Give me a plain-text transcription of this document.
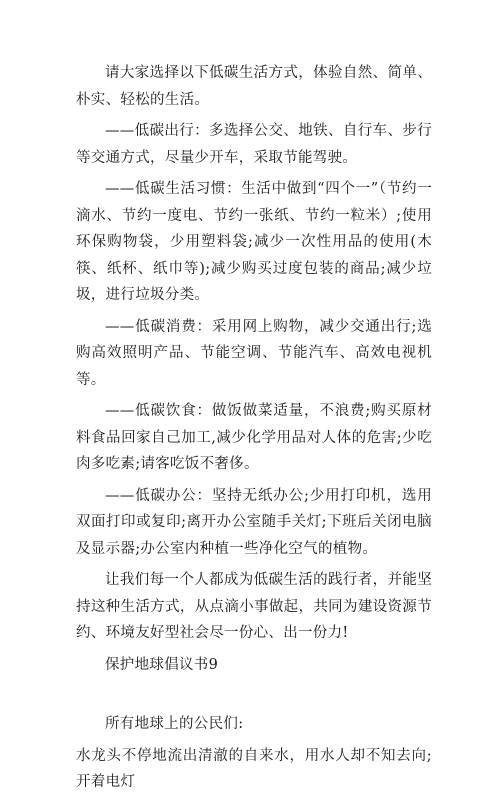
请大家选择以下低碳生活方式，体验自然、简单、朴实、轻松的生活。

——低碳出行：多选择公交、地铁、自行车、步行等交通方式，尽量少开车，采取节能驾驶。

——低碳生活习惯：生活中做到“四个一”（节约一滴水、节约一度电、节约一张纸、节约一粒米）;使用环保购物袋，少用塑料袋;减少一次性用品的使用(木筷、纸杯、纸巾等);减少购买过度包装的商品;减少垃圾，进行垃圾分类。

——低碳消费：采用网上购物，减少交通出行;选购高效照明产品、节能空调、节能汽车、高效电视机等。

——低碳饮食：做饭做菜适量，不浪费;购买原材料食品回家自己加工,减少化学用品对人体的危害;少吃肉多吃素;请客吃饭不奢侈。

——低碳办公：坚持无纸办公;少用打印机，选用双面打印或复印;离开办公室随手关灯;下班后关闭电脑及显示器;办公室内种植一些净化空气的植物。

让我们每一个人都成为低碳生活的践行者，并能坚持这种生活方式，从点滴小事做起，共同为建设资源节约、环境友好型社会尽一份心、出一份力!

保护地球倡议书9

所有地球上的公民们:

水龙头不停地流出清澈的自来水，用水人却不知去向;开着电灯
